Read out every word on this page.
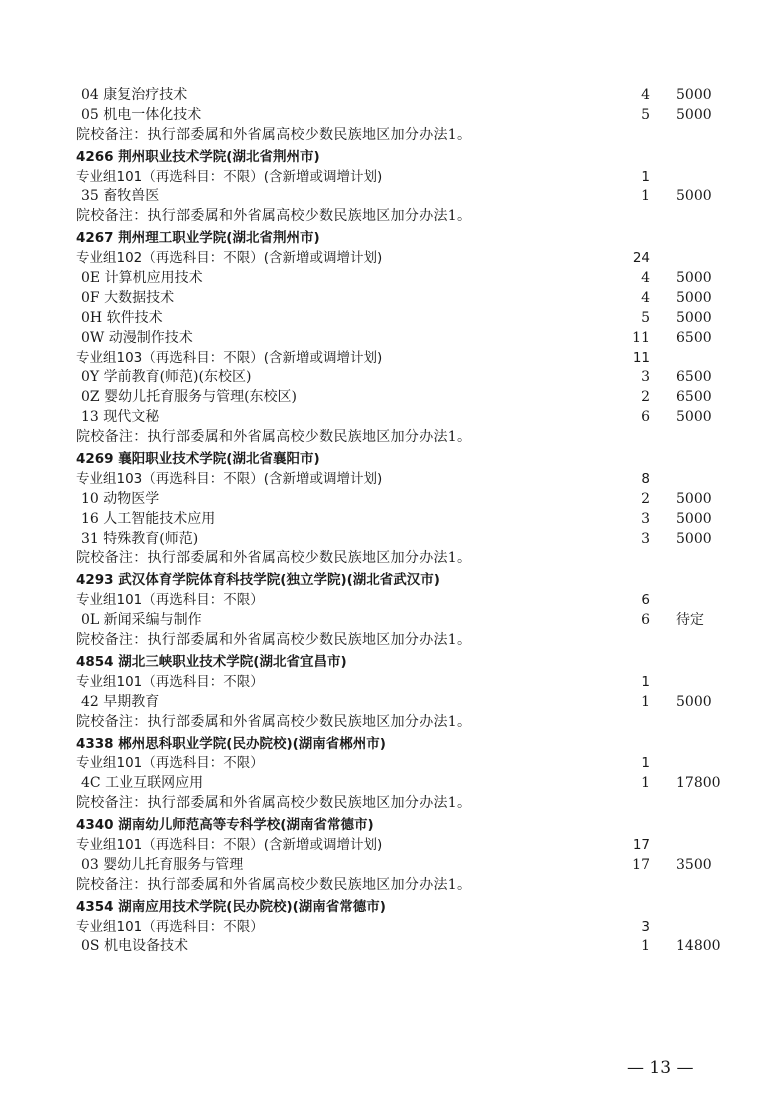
04 康复治疗技术	4 5000
05 机电一体化技术	5 5000
院校备注：执行部委属和外省属高校少数民族地区加分办法1。
4266 荆州职业技术学院(湖北省荆州市)
专业组101（再选科目：不限）(含新增或调增计划)	1
35 畜牧兽医	1 5000
院校备注：执行部委属和外省属高校少数民族地区加分办法1。
4267 荆州理工职业学院(湖北省荆州市)
专业组102（再选科目：不限）(含新增或调增计划)	24
0E 计算机应用技术	4 5000
0F 大数据技术	4 5000
0H 软件技术	5 5000
0W 动漫制作技术	11 6500
专业组103（再选科目：不限）(含新增或调增计划)	11
0Y 学前教育(师范)(东校区)	3 6500
0Z 婴幼儿托育服务与管理(东校区)	2 6500
13 现代文秘	6 5000
院校备注：执行部委属和外省属高校少数民族地区加分办法1。
4269 襄阳职业技术学院(湖北省襄阳市)
专业组103（再选科目：不限）(含新增或调增计划)	8
10 动物医学	2 5000
16 人工智能技术应用	3 5000
31 特殊教育(师范)	3 5000
院校备注：执行部委属和外省属高校少数民族地区加分办法1。
4293 武汉体育学院体育科技学院(独立学院)(湖北省武汉市)
专业组101（再选科目：不限）	6
0L 新闻采编与制作	6 待定
院校备注：执行部委属和外省属高校少数民族地区加分办法1。
4854 湖北三峡职业技术学院(湖北省宜昌市)
专业组101（再选科目：不限）	1
42 早期教育	1 5000
院校备注：执行部委属和外省属高校少数民族地区加分办法1。
4338 郴州思科职业学院(民办院校)(湖南省郴州市)
专业组101（再选科目：不限）	1
4C 工业互联网应用	1 17800
院校备注：执行部委属和外省属高校少数民族地区加分办法1。
4340 湖南幼儿师范高等专科学校(湖南省常德市)
专业组101（再选科目：不限）(含新增或调增计划)	17
03 婴幼儿托育服务与管理	17 3500
院校备注：执行部委属和外省属高校少数民族地区加分办法1。
4354 湖南应用技术学院(民办院校)(湖南省常德市)
专业组101（再选科目：不限）	3
0S 机电设备技术	1 14800
— 13 —
